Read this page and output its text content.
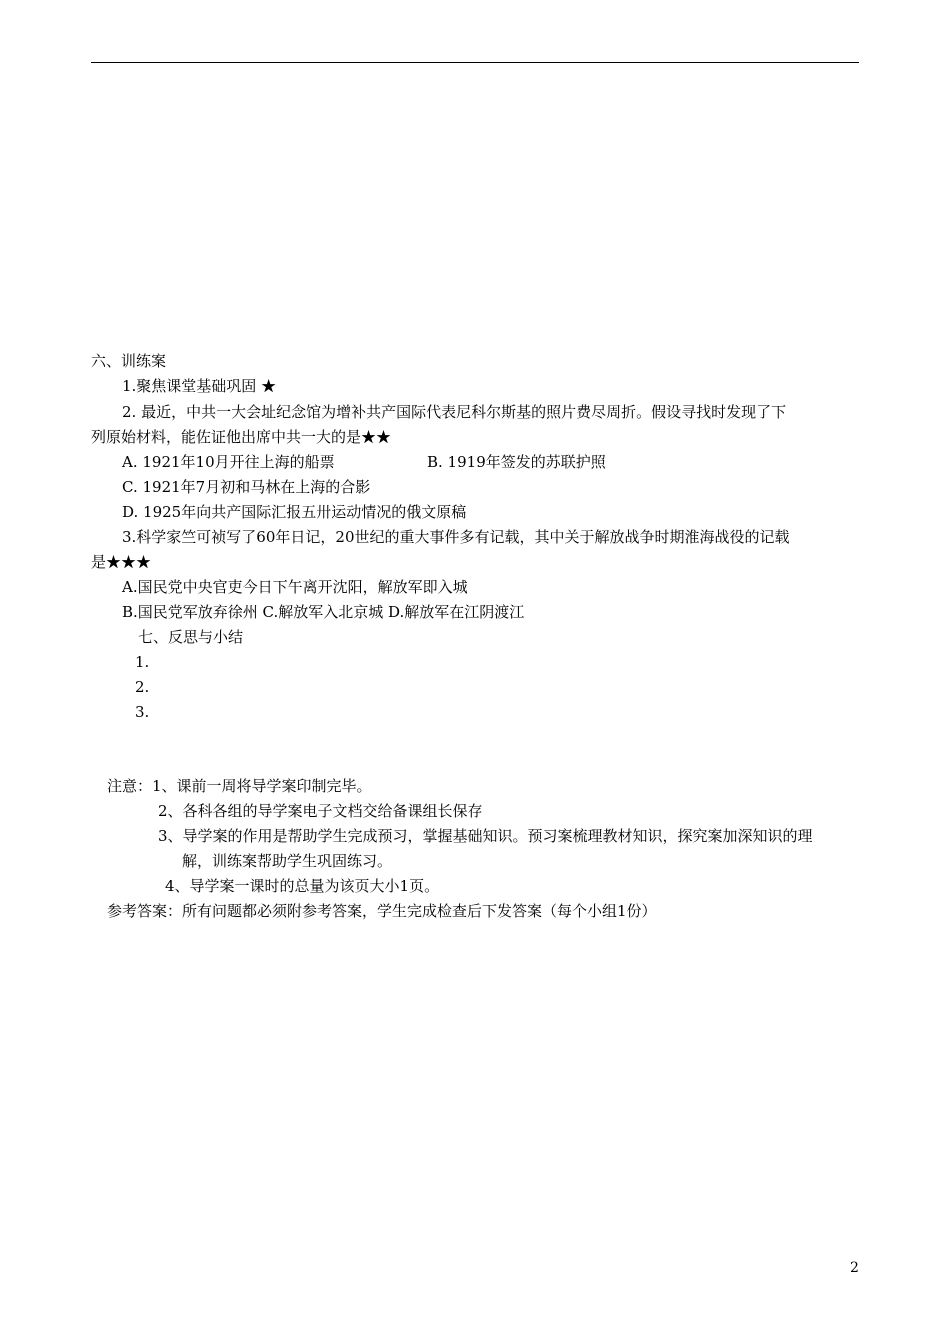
六、训练案
1.聚焦课堂基础巩固 ★
2. 最近，中共一大会址纪念馆为增补共产国际代表尼科尔斯基的照片费尽周折。假设寻找时发现了下
列原始材料，能佐证他出席中共一大的是★★
A. 1921年10月开往上海的船票	B. 1919年签发的苏联护照
C. 1921年7月初和马林在上海的合影
D. 1925年向共产国际汇报五卅运动情况的俄文原稿
3.科学家竺可祯写了60年日记，20世纪的重大事件多有记载，其中关于解放战争时期淮海战役的记载
是★★★
A.国民党中央官吏今日下午离开沈阳，解放军即入城
B.国民党军放弃徐州 C.解放军入北京城 D.解放军在江阴渡江
七、反思与小结
1.
2.
3.
注意：1、课前一周将导学案印制完毕。
2、各科各组的导学案电子文档交给备课组长保存
3、导学案的作用是帮助学生完成预习，掌握基础知识。预习案梳理教材知识，探究案加深知识的理
解，训练案帮助学生巩固练习。
4、导学案一课时的总量为该页大小1页。
参考答案：所有问题都必须附参考答案，学生完成检查后下发答案（每个小组1份）
2
